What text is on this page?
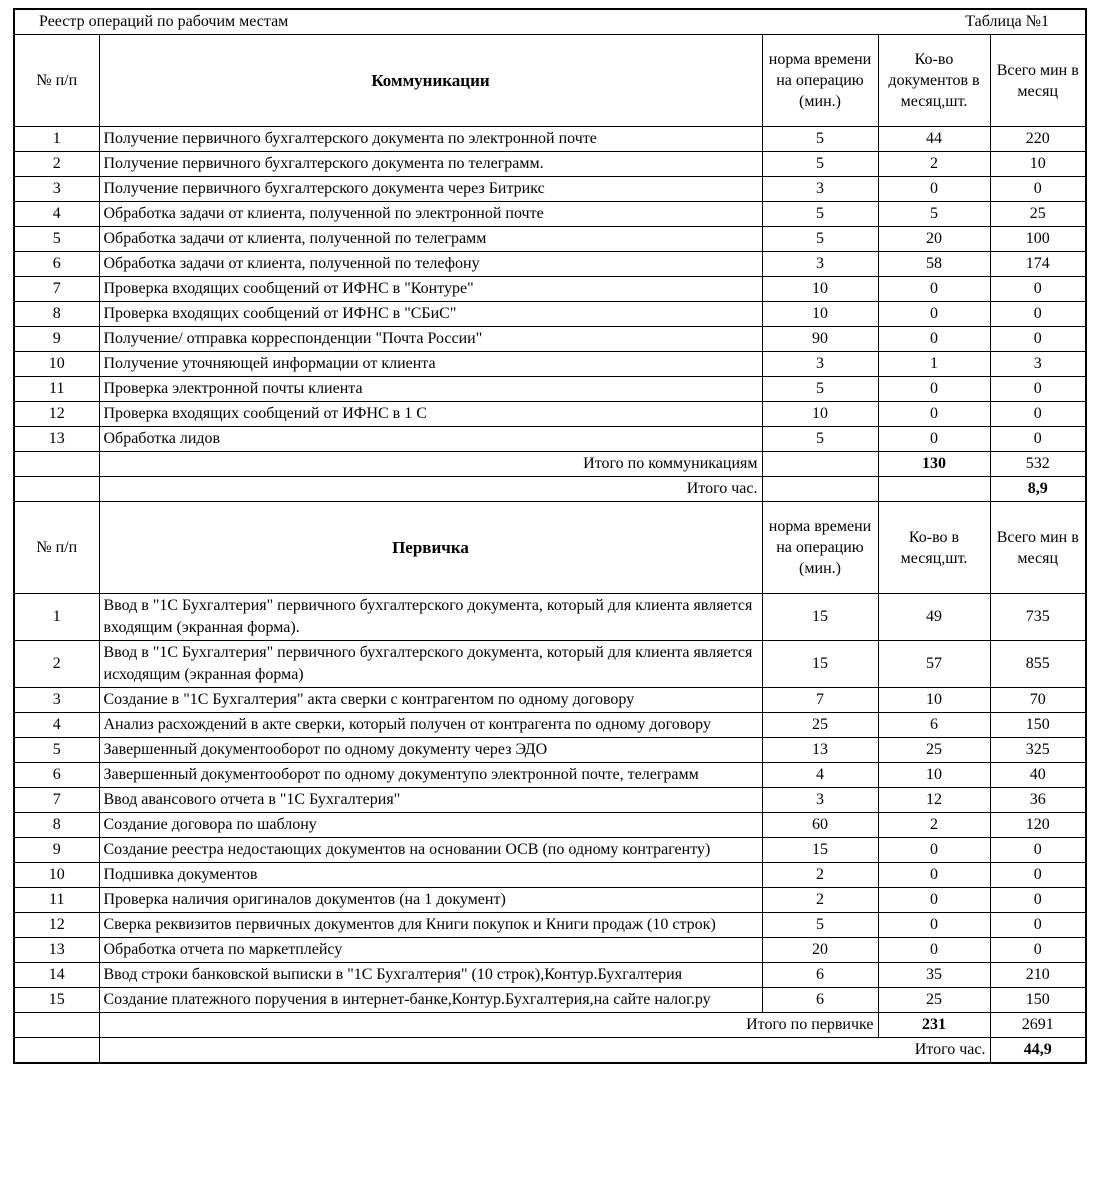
Реестр операций по рабочим местам Таблица №1				

№ п/п	Коммуникации	норма времени на операцию (мин.)	Ко-во документов в месяц,шт.	Всего мин в месяц
1	Получение первичного бухгалтерского документа по электронной почте	5	44	220
2	Получение первичного бухгалтерского документа по телеграмм.	5	2	10
3	Получение первичного бухгалтерского документа через Битрикс	3	0	0
4	Обработка задачи от клиента, полученной по электронной почте	5	5	25
5	Обработка задачи от клиента, полученной по телеграмм	5	20	100
6	Обработка задачи от клиента, полученной по телефону	3	58	174
7	Проверка входящих сообщений от ИФНС в "Контуре"	10	0	0
8	Проверка входящих сообщений от ИФНС в "СБиС"	10	0	0
9	Получение/ отправка корреспонденции "Почта России"	90	0	0
10	Получение уточняющей информации от клиента	3	1	3
11	Проверка электронной почты клиента	5	0	0
12	Проверка входящих сообщений от ИФНС в 1 С	10	0	0
13	Обработка лидов	5	0	0
	Итого по коммуникациям		130	532
	Итого час.			8,9
№ п/п	Первичка	норма времени на операцию (мин.)	Ко-во в месяц,шт.	Всего мин в месяц
1	Ввод в "1С Бухгалтерия" первичного бухгалтерского документа, который для клиента является входящим (экранная форма).	15	49	735
2	Ввод в "1С Бухгалтерия" первичного бухгалтерского документа, который для клиента является исходящим (экранная форма)	15	57	855
3	Создание в "1С Бухгалтерия" акта сверки с контрагентом по одному договору	7	10	70
4	Анализ расхождений в акте сверки, который получен от контрагента по одному договору	25	6	150
5	Завершенный документооборот по одному документу через ЭДО	13	25	325
6	Завершенный документооборот по одному документупо электронной почте, телеграмм	4	10	40
7	Ввод авансового отчета в "1С Бухгалтерия"	3	12	36
8	Создание договора по шаблону	60	2	120
9	Создание реестра недостающих документов на основании ОСВ (по одному контрагенту)	15	0	0
10	Подшивка документов	2	0	0
11	Проверка наличия оригиналов документов (на 1 документ)	2	0	0
12	Сверка реквизитов первичных документов для Книги покупок и Книги продаж (10 строк)	5	0	0
13	Обработка отчета по маркетплейсу	20	0	0
14	Ввод строки банковской выписки в "1С Бухгалтерия" (10 строк),Контур.Бухгалтерия	6	35	210
15	Создание платежного поручения в интернет-банке,Контур.Бухгалтерия,на сайте налог.ру	6	25	150
	Итого по первичке		231	2691
	Итого час.			44,9
